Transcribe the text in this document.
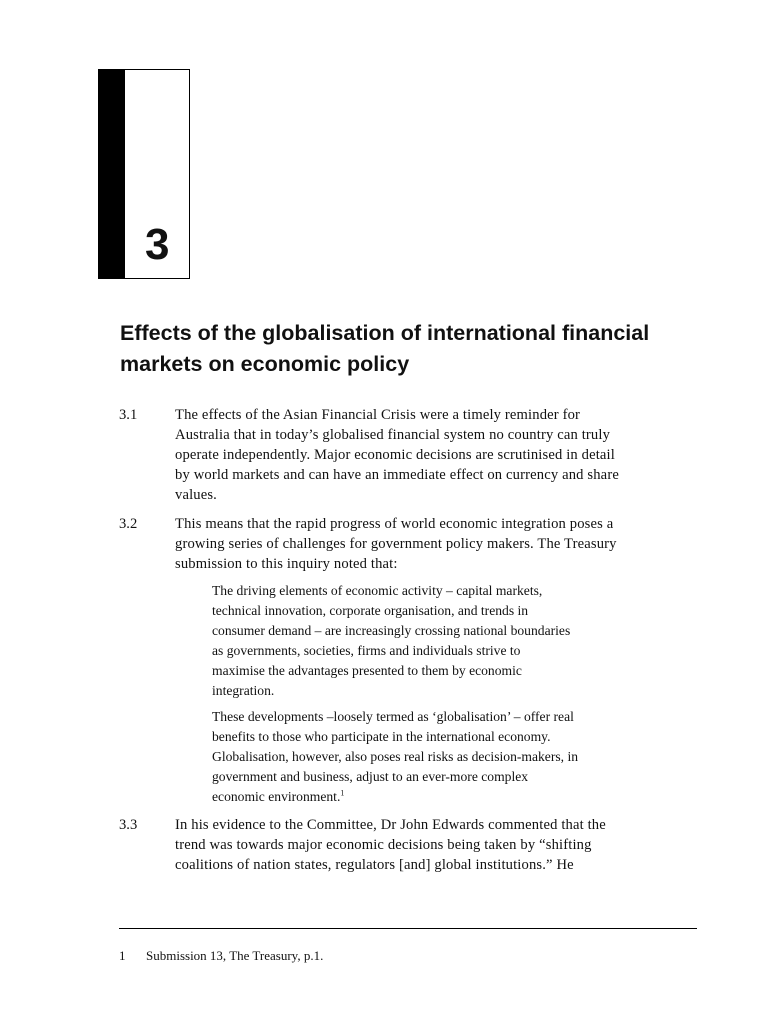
3
Effects of the globalisation of international financial markets on economic policy
3.1	The effects of the Asian Financial Crisis were a timely reminder for
Australia that in today’s globalised financial system no country can truly
operate independently. Major economic decisions are scrutinised in detail
by world markets and can have an immediate effect on currency and share
values.
3.2	This means that the rapid progress of world economic integration poses a
growing series of challenges for government policy makers. The Treasury
submission to this inquiry noted that:
The driving elements of economic activity – capital markets,
technical innovation, corporate organisation, and trends in
consumer demand – are increasingly crossing national boundaries
as governments, societies, firms and individuals strive to
maximise the advantages presented to them by economic
integration.
These developments –loosely termed as ‘globalisation’ – offer real
benefits to those who participate in the international economy.
Globalisation, however, also poses real risks as decision-makers, in
government and business, adjust to an ever-more complex
economic environment.$^1$
3.3	In his evidence to the Committee, Dr John Edwards commented that the
trend was towards major economic decisions being taken by “shifting
coalitions of nation states, regulators [and] global institutions.” He
1 Submission 13, The Treasury, p.1.
